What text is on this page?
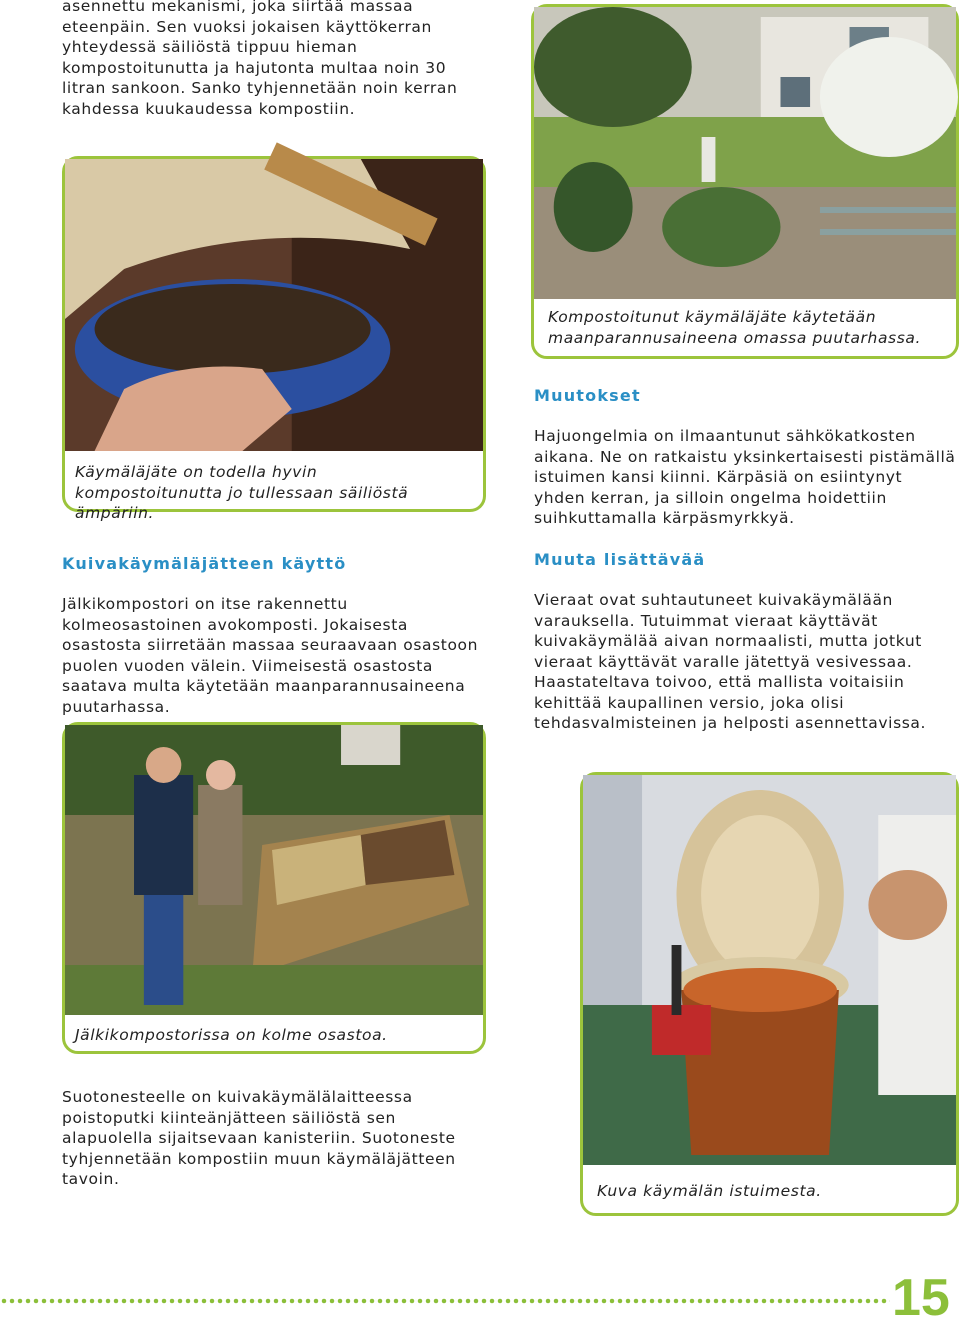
asennettu mekanismi, joka siirtää massaa eteenpäin. Sen vuoksi jokaisen käyttökerran yhteydessä säiliöstä tippuu hieman kompostoitunutta ja hajutonta multaa noin 30 litran sankoon. Sanko tyhjennetään noin kerran kahdessa kuukaudessa kompostiin.

Kompostoitunut käymäläjäte käytetään maanparannusaineena omassa puutarhassa.

Käymäläjäte on todella hyvin kompostoitunutta jo tullessaan säiliöstä ämpäriin.

Muutokset

Hajuongelmia on ilmaantunut sähkökatkosten aikana. Ne on ratkaistu yksinkertaisesti pistämällä istuimen kansi kiinni. Kärpäsiä on esiintynyt yhden kerran, ja silloin ongelma hoidettiin suihkuttamalla kärpäsmyrkkyä.

Kuivakäymäläjätteen käyttö

Jälkikompostori on itse rakennettu kolmeosastoinen avokomposti. Jokaisesta osastosta siirretään massaa seuraavaan osastoon puolen vuoden välein. Viimeisestä osastosta saatava multa käytetään maanparannusaineena puutarhassa.

Muuta lisättävää

Vieraat ovat suhtautuneet kuivakäymälään varauksella. Tutuimmat vieraat käyttävät kuivakäymälää aivan normaalisti, mutta jotkut vieraat käyttävät varalle jätettyä vesivessaa. Haastateltava toivoo, että mallista voitaisiin kehittää kaupallinen versio, joka olisi tehdasvalmisteinen ja helposti asennettavissa.

Jälkikompostorissa on kolme osastoa.

Suotonesteelle on kuivakäymälälaitteessa poistoputki kiinteänjätteen säiliöstä sen alapuolella sijaitsevaan kanisteriin. Suotoneste tyhjennetään kompostiin muun käymäläjätteen tavoin.

Kuva käymälän istuimesta.

15
